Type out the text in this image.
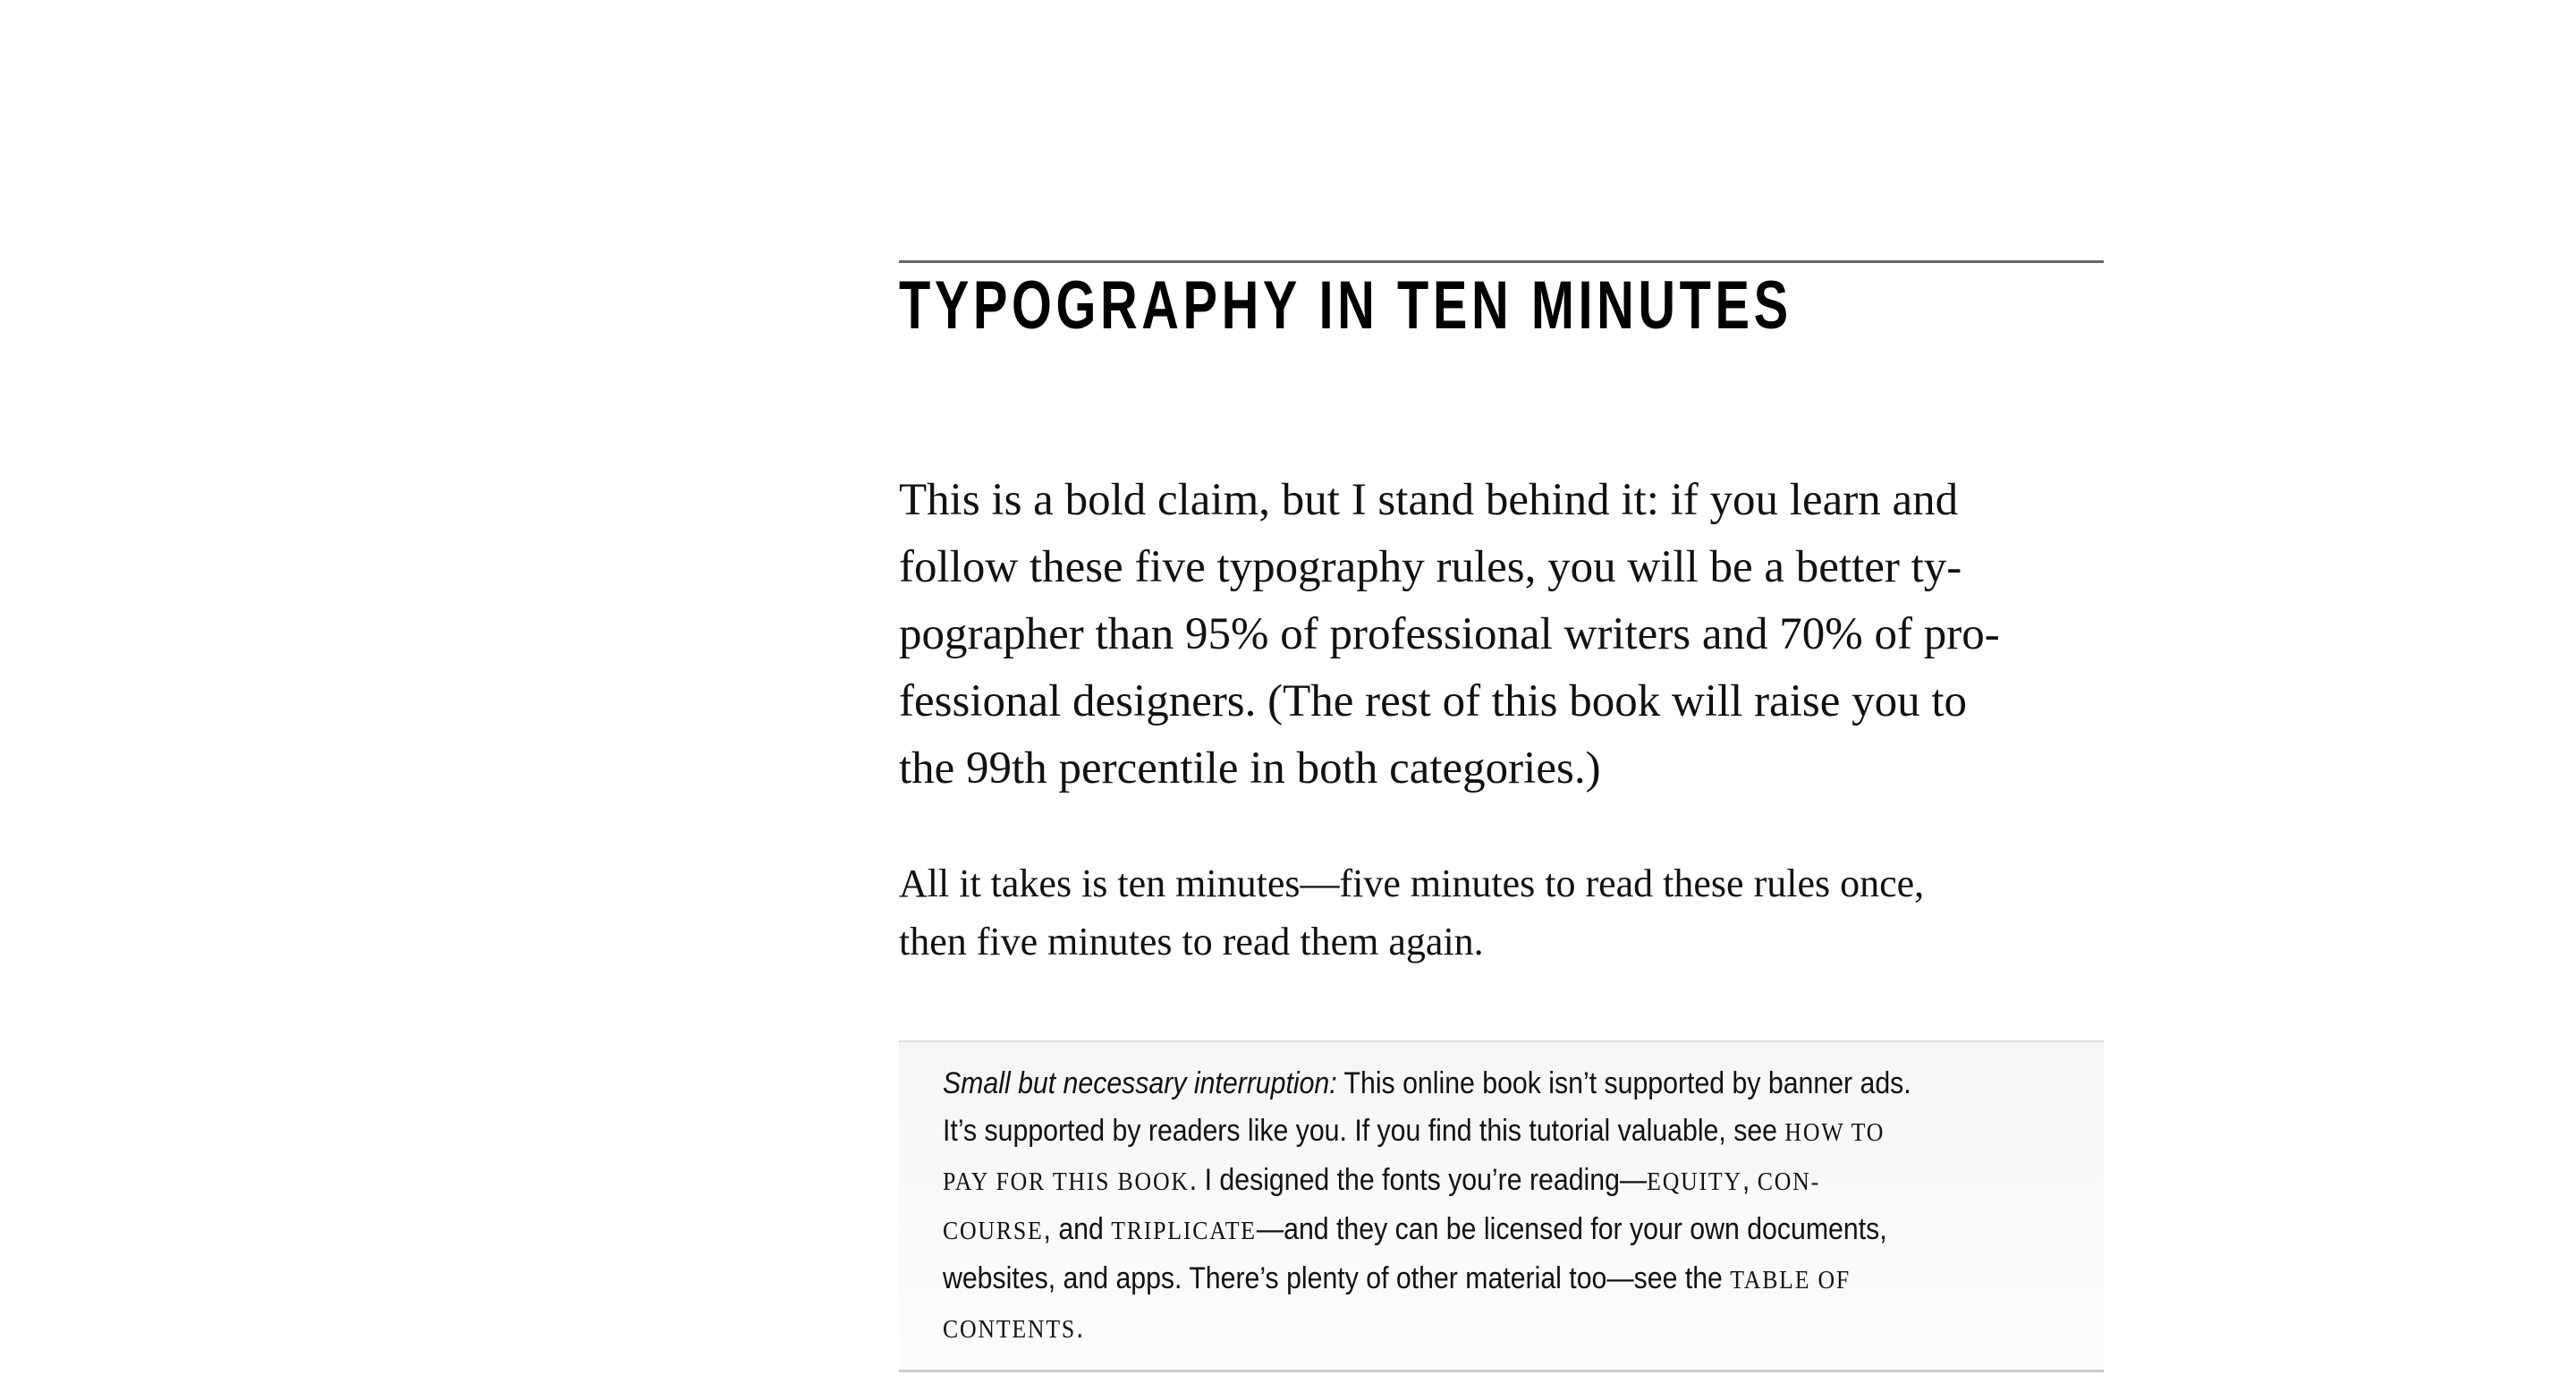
TYPOGRAPHY IN TEN MINUTES
This is a bold claim, but I stand behind it: if you learn and
follow these five typography rules, you will be a better ty-
pographer than 95% of professional writers and 70% of pro-
fessional designers. (The rest of this book will raise you to
the 99th percentile in both categories.)
All it takes is ten minutes—five minutes to read these rules once,
then five minutes to read them again.
Small but necessary interruption: This online book isn’t supported by banner ads.
It’s supported by readers like you. If you find this tutorial valuable, see HOW TO
PAY FOR THIS BOOK. I designed the fonts you’re reading—EQUITY, CON-
COURSE, and TRIPLICATE—and they can be licensed for your own documents,
websites, and apps. There’s plenty of other material too—see the TABLE OF
CONTENTS.
